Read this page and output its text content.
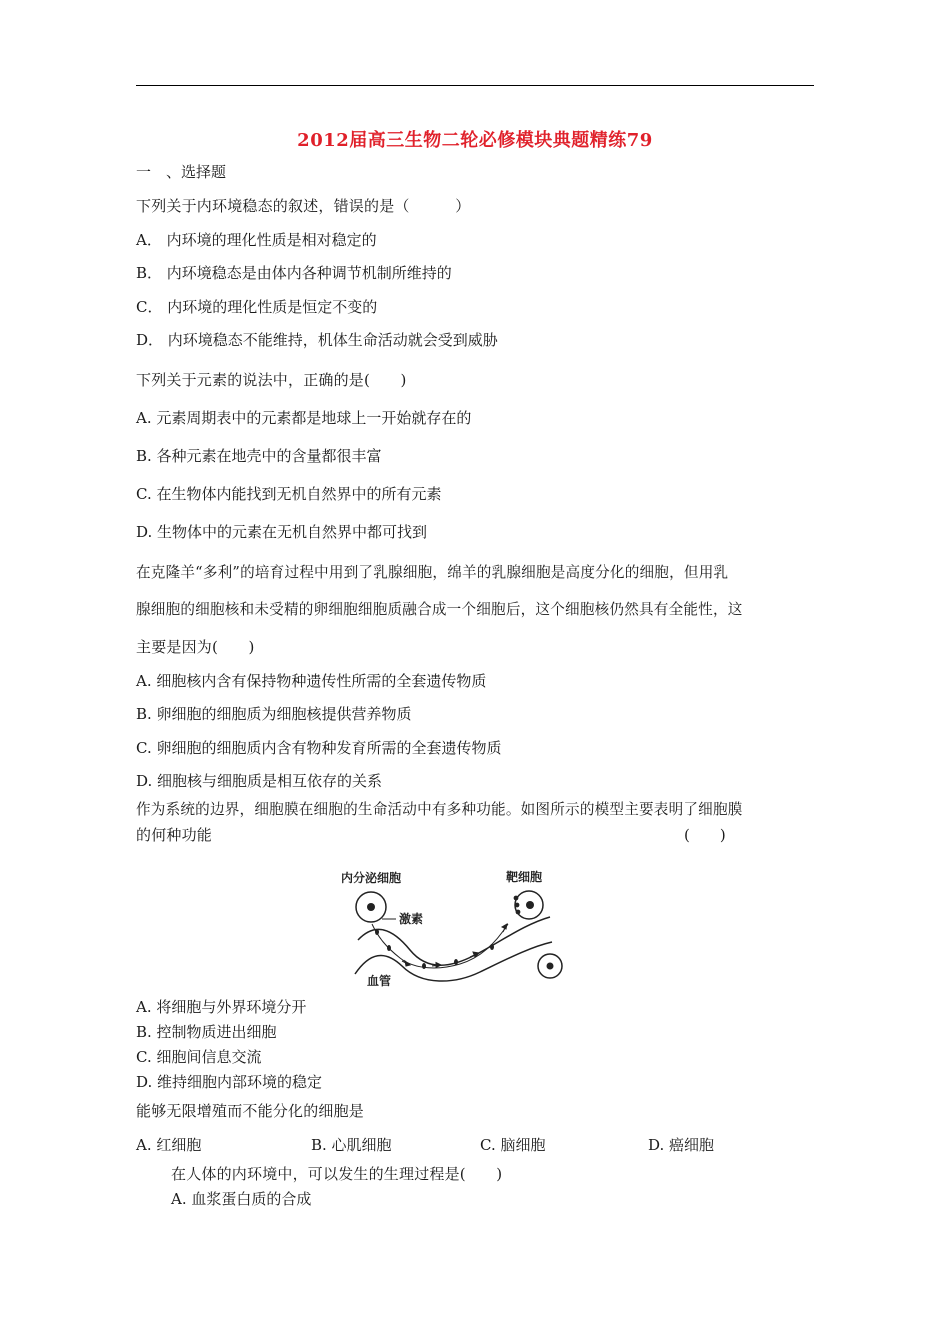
2012届高三生物二轮必修模块典题精练79
一　、选择题
下列关于内环境稳态的叙述，错误的是（　　　）
A． 内环境的理化性质是相对稳定的
B． 内环境稳态是由体内各种调节机制所维持的
C． 内环境的理化性质是恒定不变的
D． 内环境稳态不能维持，机体生命活动就会受到威胁
下列关于元素的说法中，正确的是(　　)
A. 元素周期表中的元素都是地球上一开始就存在的
B. 各种元素在地壳中的含量都很丰富
C. 在生物体内能找到无机自然界中的所有元素
D. 生物体中的元素在无机自然界中都可找到
在克隆羊“多利”的培育过程中用到了乳腺细胞，绵羊的乳腺细胞是高度分化的细胞，但用乳
腺细胞的细胞核和未受精的卵细胞细胞质融合成一个细胞后，这个细胞核仍然具有全能性，这
主要是因为(　　)
A. 细胞核内含有保持物种遗传性所需的全套遗传物质
B. 卵细胞的细胞质为细胞核提供营养物质
C. 卵细胞的细胞质内含有物种发育所需的全套遗传物质
D. 细胞核与细胞质是相互依存的关系
作为系统的边界，细胞膜在细胞的生命活动中有多种功能。如图所示的模型主要表明了细胞膜
的何种功能	(　　)
内分泌细胞	靶细胞
激素
血管
A. 将细胞与外界环境分开
B. 控制物质进出细胞
C. 细胞间信息交流
D. 维持细胞内部环境的稳定
能够无限增殖而不能分化的细胞是
A. 红细胞	B. 心肌细胞	C. 脑细胞	D. 癌细胞
在人体的内环境中，可以发生的生理过程是(　　)
A. 血浆蛋白质的合成
